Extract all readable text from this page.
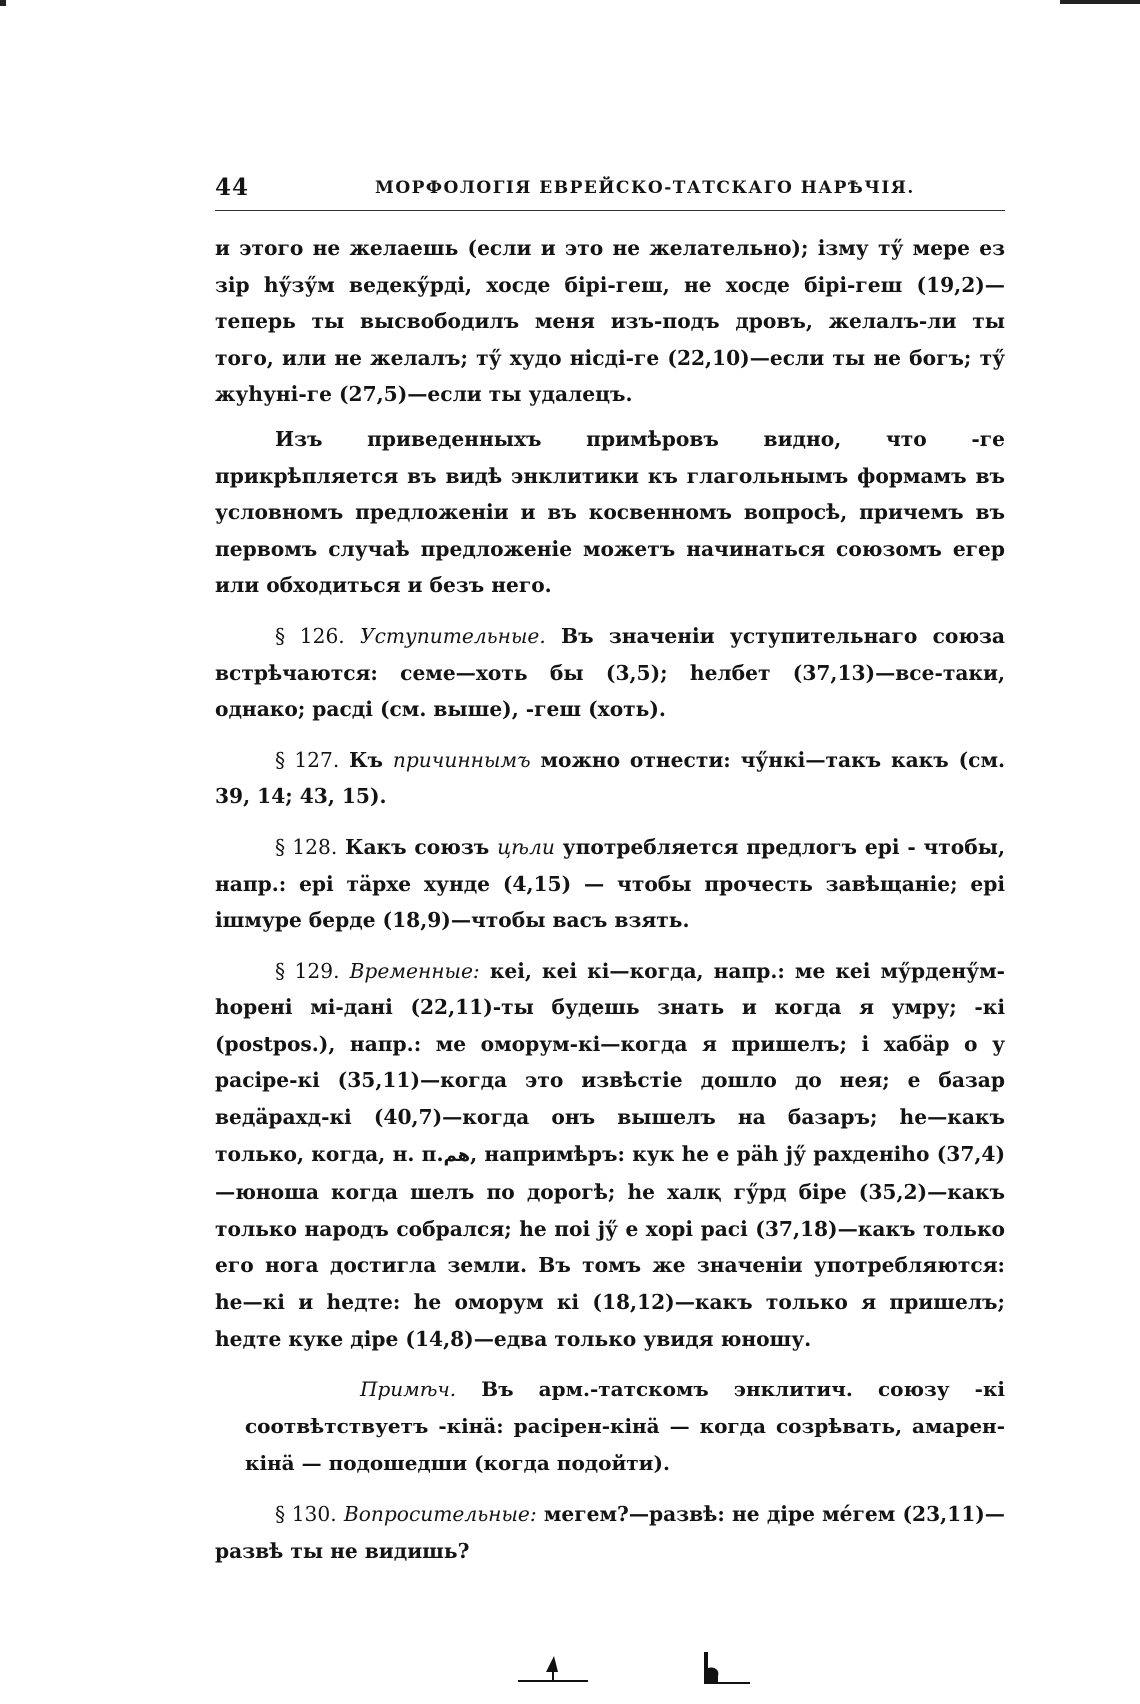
44	МОРФОЛОГІЯ ЕВРЕЙСКО-ТАТСКАГО НАРѢЧІЯ.

и этого не желаешь (если и это не желательно); ізму тӳ мере ез зір һӳзӳм ведекӳрді, хосде бірі-геш, не хосде бірі-геш (19,2)—теперь ты высвободилъ меня изъ-подъ дровъ, желалъ-ли ты того, или не желалъ; тӳ худо нісдi-ге (22,10)—если ты не богъ; тӳ жуһуні-ге (27,5)—если ты удалецъ.

Изъ приведенныхъ примѣровъ видно, что -ге прикрѣпляется въ видѣ энклитики къ глагольнымъ формамъ въ условномъ предложеніи и въ косвенномъ вопросѣ, причемъ въ первомъ случаѣ предложеніе можетъ начинаться союзомъ егер или обходиться и безъ него.

§ 126. Уступительные. Въ значеніи уступительнаго союза встрѣчаются: семе—хоть бы (3,5); һелбет (37,13)—все-таки, однако; расдi (см. выше), -геш (хоть).

§ 127. Къ причиннымъ можно отнести: чӳнкі—такъ какъ (см. 39, 14; 43, 15).

§ 128. Какъ союзъ цѣли употребляется предлогъ ері - чтобы, напр.: ері тäрхе хунде (4,15) — чтобы прочесть завѣщаніе; ері ішмуре берде (18,9)—чтобы васъ взять.

§ 129. Временные: кеі, кеі кi—когда, напр.: ме кеі мӳрденӳм-һорені мi-дані (22,11)-ты будешь знать и когда я умру; -кi (postpos.), напр.: ме оморум-кi—когда я пришелъ; і хабäр о у расіре-кi (35,11)—когда это извѣстіе дошло до нея; е базар ведäрахд-кi (40,7)—когда онъ вышелъ на базаръ; һе—какъ только, когда, н. п.هم, напримѣръ: кук һе е рäһ јӳ рахденiһо (37,4)—юноша когда шелъ по дорогѣ; һе халқ гӳрд біре (35,2)—какъ только народъ собрался; һе поі јӳ е хорі расі (37,18)—какъ только его нога достигла земли. Въ томъ же значеніи употребляются: һе—кi и һедте: һе оморум кi (18,12)—какъ только я пришелъ; һедте куке діре (14,8)—едва только увидя юношу.

Примѣч. Въ арм.-татскомъ энклитич. союзу -кi соотвѣтствуетъ -кінä: расірен-кінä — когда созрѣвать, амарен-кінä — подошедши (когда подойти).

§ 130. Вопросительные: мегем?—развѣ: не діре мéгем (23,11)—развѣ ты не видишь?
